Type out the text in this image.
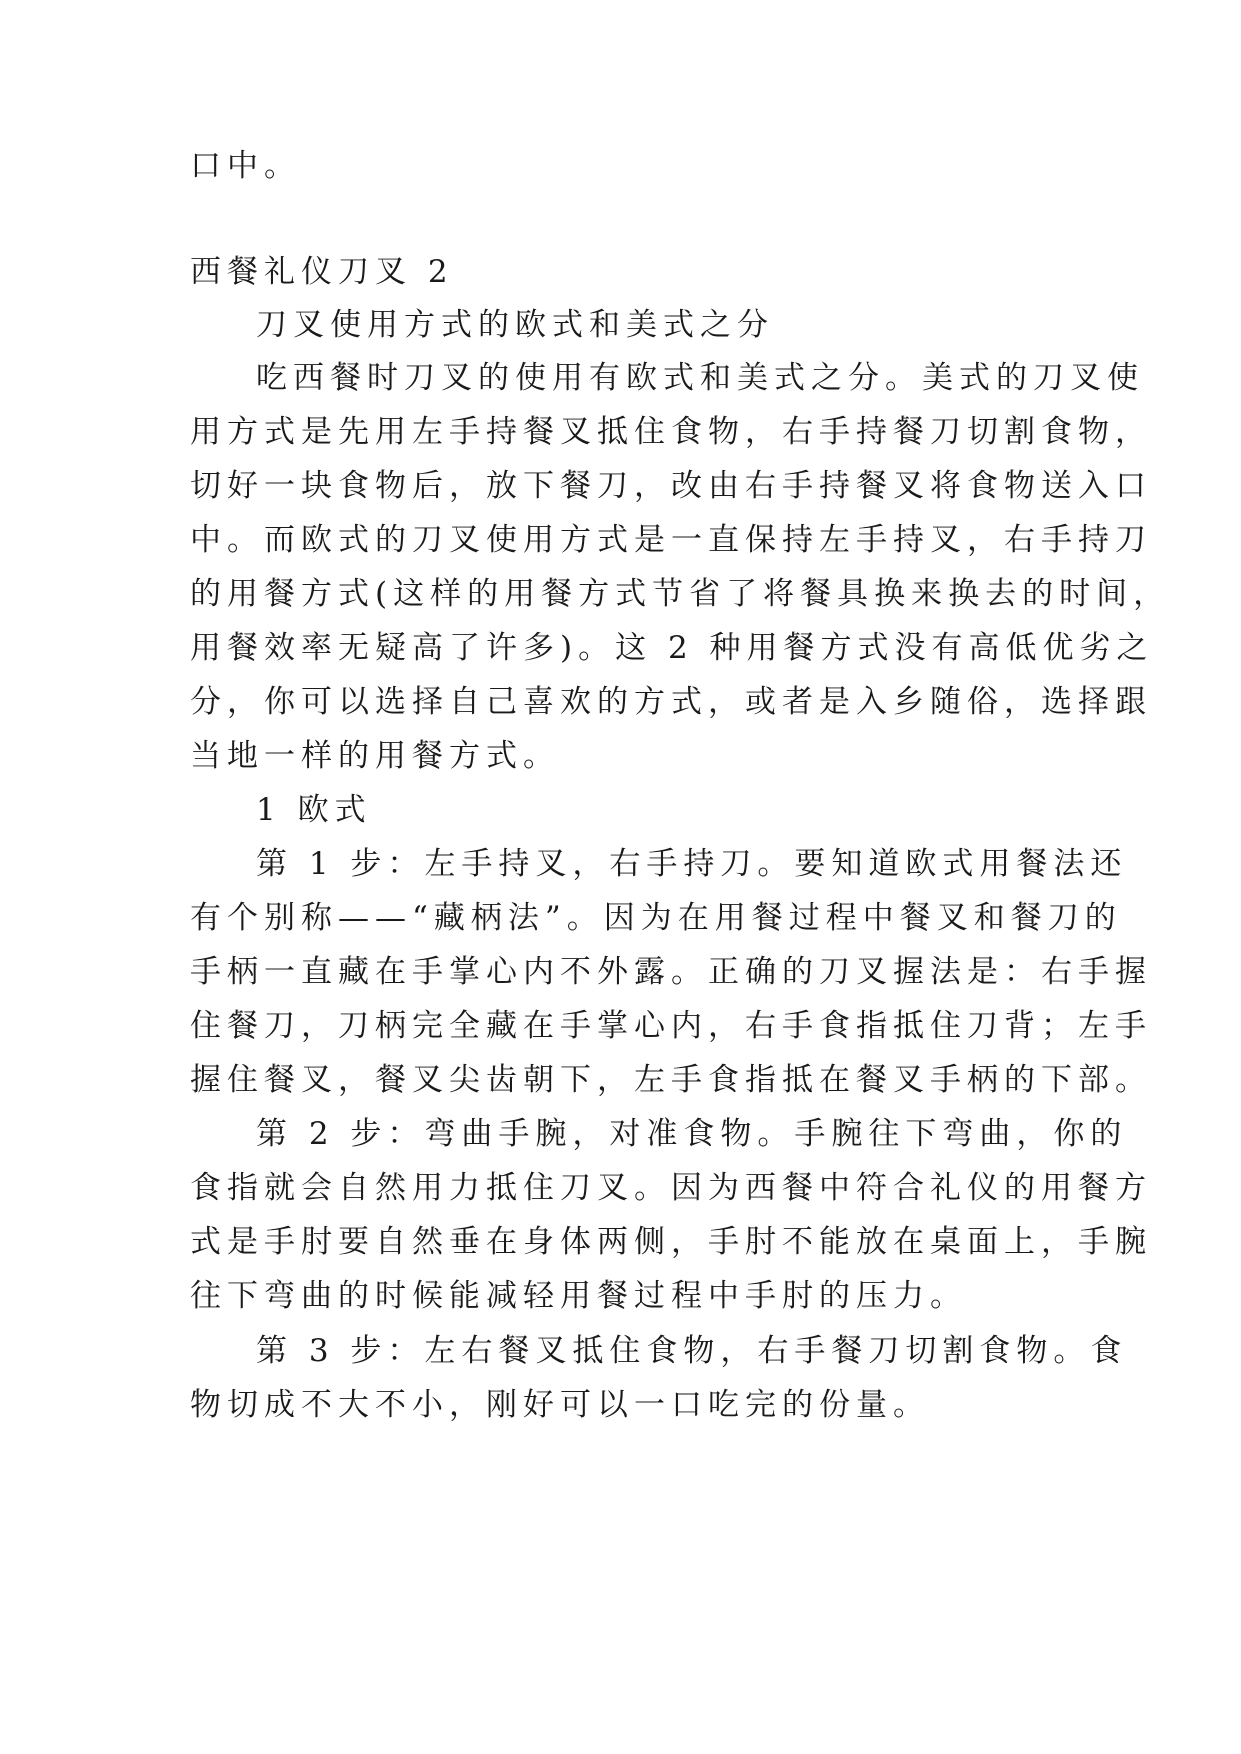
口中。
西餐礼仪刀叉 2
刀叉使用方式的欧式和美式之分
吃西餐时刀叉的使用有欧式和美式之分。美式的刀叉使
用方式是先用左手持餐叉抵住食物，右手持餐刀切割食物，
切好一块食物后，放下餐刀，改由右手持餐叉将食物送入口
中。而欧式的刀叉使用方式是一直保持左手持叉，右手持刀
的用餐方式(这样的用餐方式节省了将餐具换来换去的时间，
用餐效率无疑高了许多)。这 2 种用餐方式没有高低优劣之
分，你可以选择自己喜欢的方式，或者是入乡随俗，选择跟
当地一样的用餐方式。
1 欧式
第 1 步：左手持叉，右手持刀。要知道欧式用餐法还
有个别称——“藏柄法”。因为在用餐过程中餐叉和餐刀的
手柄一直藏在手掌心内不外露。正确的刀叉握法是：右手握
住餐刀，刀柄完全藏在手掌心内，右手食指抵住刀背；左手
握住餐叉，餐叉尖齿朝下，左手食指抵在餐叉手柄的下部。
第 2 步：弯曲手腕，对准食物。手腕往下弯曲，你的
食指就会自然用力抵住刀叉。因为西餐中符合礼仪的用餐方
式是手肘要自然垂在身体两侧，手肘不能放在桌面上，手腕
往下弯曲的时候能减轻用餐过程中手肘的压力。
第 3 步：左右餐叉抵住食物，右手餐刀切割食物。食
物切成不大不小，刚好可以一口吃完的份量。
